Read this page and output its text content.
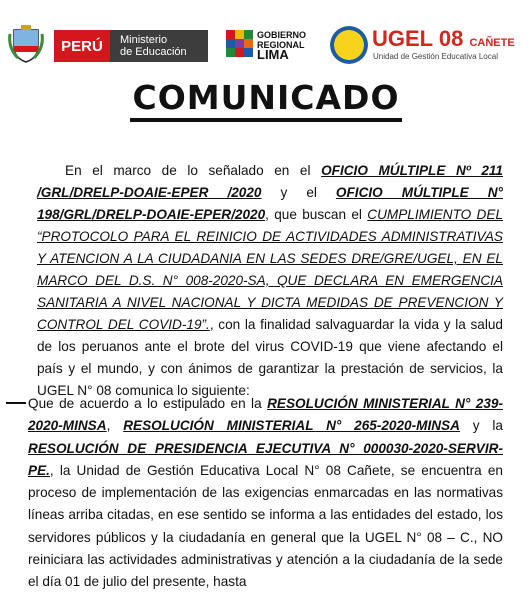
PERÚ	Ministerio
de Educación
GOBIERNO
REGIONAL
LIMA
UGEL 08 CAÑETE
Unidad de Gestión Educativa Local
COMUNICADO
En el marco de lo señalado en el OFICIO MÚLTIPLE Nº 211 /GRL/DRELP-DOAIE-EPER /2020 y el OFICIO MÚLTIPLE N° 198/GRL/DRELP-DOAIE-EPER/2020, que buscan el CUMPLIMIENTO DEL “PROTOCOLO PARA EL REINICIO DE ACTIVIDADES ADMINISTRATIVAS Y ATENCION A LA CIUDADANIA EN LAS SEDES DRE/GRE/UGEL, EN EL MARCO DEL D.S. N° 008-2020-SA, QUE DECLARA EN EMERGENCIA SANITARIA A NIVEL NACIONAL Y DICTA MEDIDAS DE PREVENCION Y CONTROL DEL COVID-19”., con la finalidad salvaguardar la vida y la salud de los peruanos ante el brote del virus COVID-19 que viene afectando el país y el mundo, y con ánimos de garantizar la prestación de servicios, la UGEL N° 08 comunica lo siguiente:
Que de acuerdo a lo estipulado en la RESOLUCIÓN MINISTERIAL N° 239-2020-MINSA, RESOLUCIÓN MINISTERIAL N° 265-2020-MINSA y la RESOLUCIÓN DE PRESIDENCIA EJECUTIVA N° 000030-2020-SERVIR-PE., la Unidad de Gestión Educativa Local N° 08 Cañete, se encuentra en proceso de implementación de las exigencias enmarcadas en las normativas líneas arriba citadas, en ese sentido se informa a las entidades del estado, los servidores públicos y la ciudadanía en general que la UGEL N° 08 – C., NO reiniciara las actividades administrativas y atención a la ciudadanía de la sede el día 01 de julio del presente, hasta
